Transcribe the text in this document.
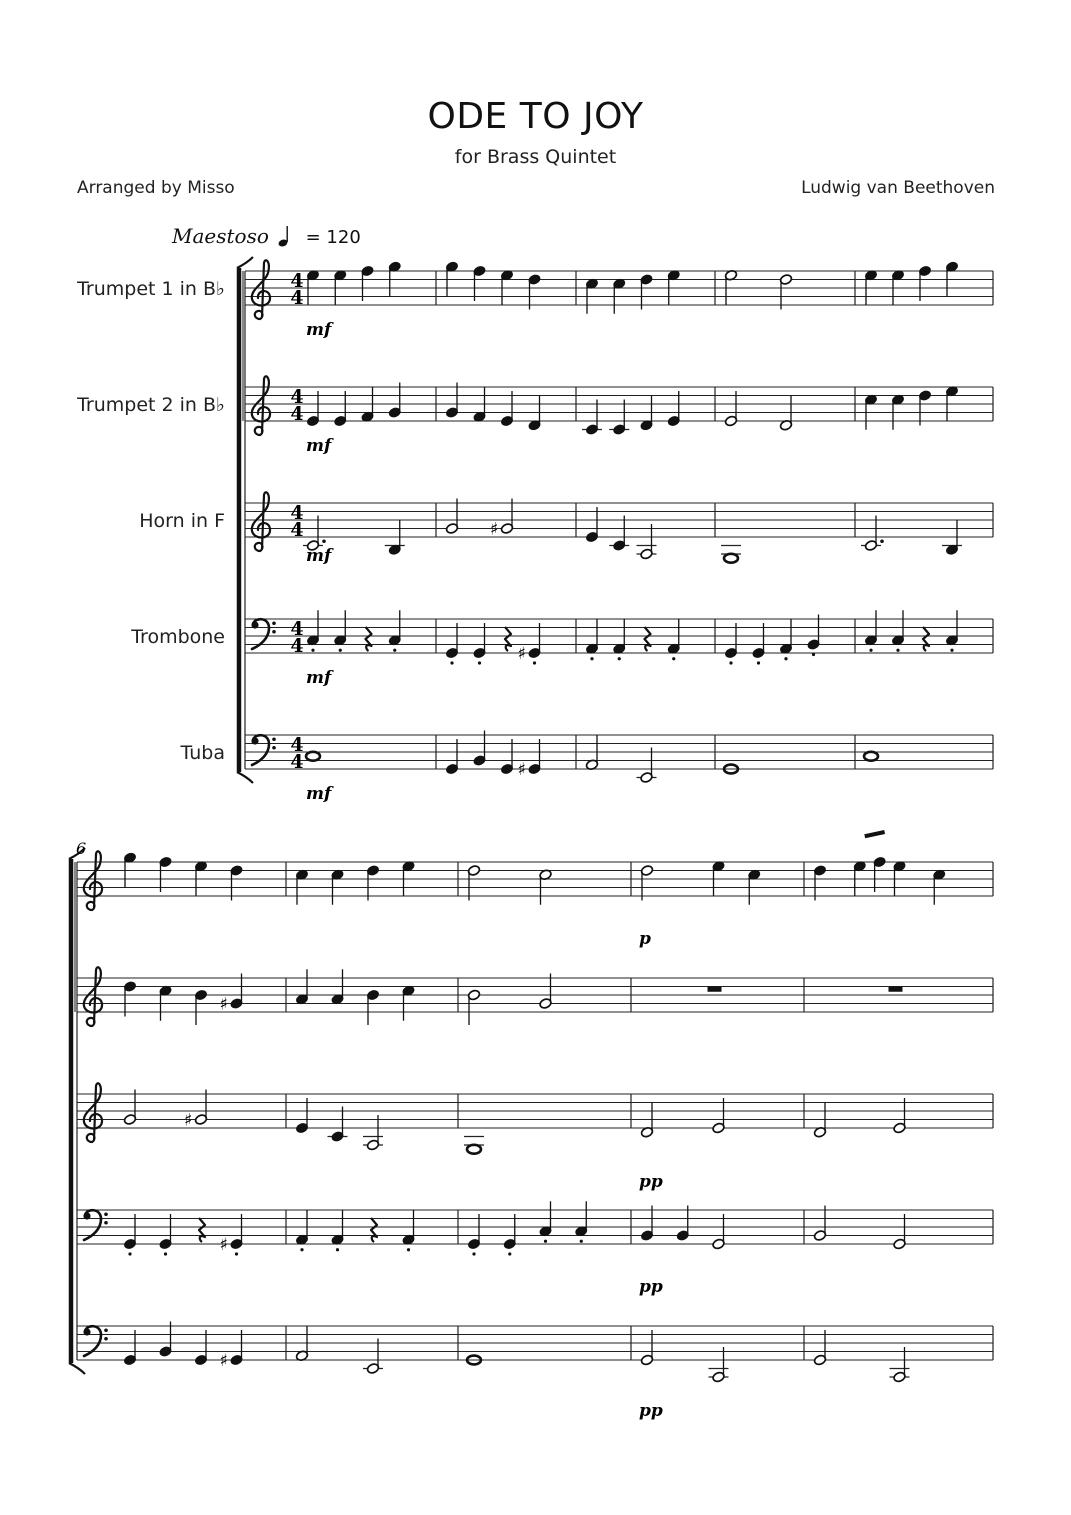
ODE TO JOY
for Brass Quintet
Arranged by Misso	Ludwig van Beethoven
Maestoso = 120
Trumpet 1 in B♭
Trumpet 2 in B♭
Horn in F
Trombone
Tuba
4
4
4
4
4
4
4
4
4
4
♯
♯
♯
♯
♯
♯
♯
6
mf
mf
mf
mf
mf
p
pp
pp
pp
